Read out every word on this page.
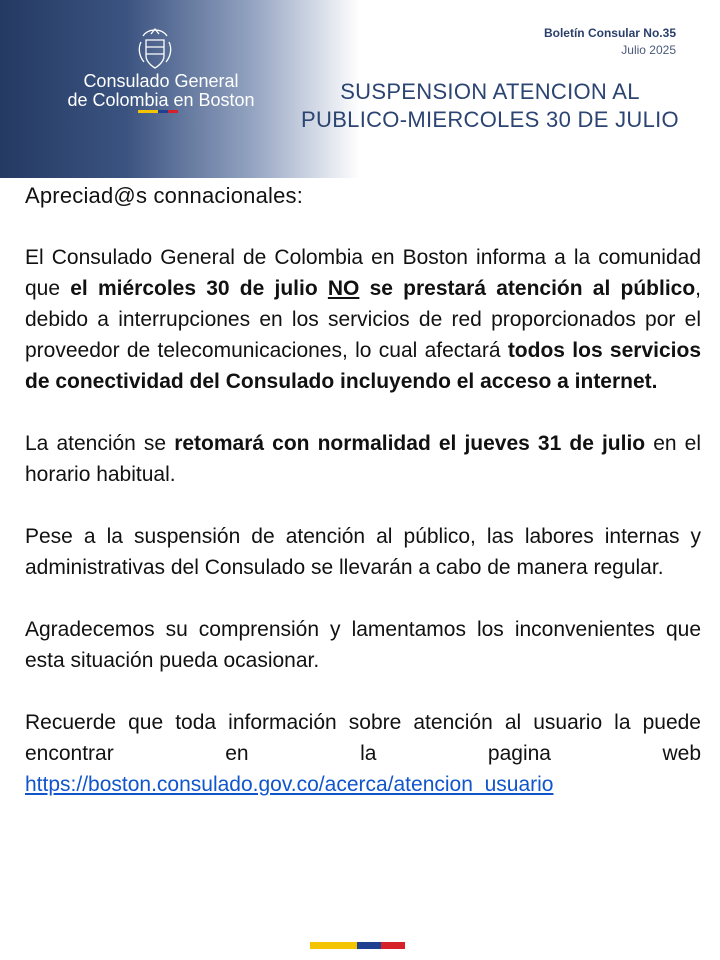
Consulado General
de Colombia en Boston
Boletín Consular No.35
Julio 2025
SUSPENSION ATENCION AL
PUBLICO-MIERCOLES 30 DE JULIO

Apreciad@s connacionales:

El Consulado General de Colombia en Boston informa a la comunidad que el miércoles 30 de julio NO se prestará atención al público, debido a interrupciones en los servicios de red proporcionados por el proveedor de telecomunicaciones, lo cual afectará todos los servicios de conectividad del Consulado incluyendo el acceso a internet.

La atención se retomará con normalidad el jueves 31 de julio en el horario habitual.

Pese a la suspensión de atención al público, las labores internas y administrativas del Consulado se llevarán a cabo de manera regular.

Agradecemos su comprensión y lamentamos los inconvenientes que esta situación pueda ocasionar.

Recuerde que toda información sobre atención al usuario la puede encontrar en la pagina web https://boston.consulado.gov.co/acerca/atencion_usuario
